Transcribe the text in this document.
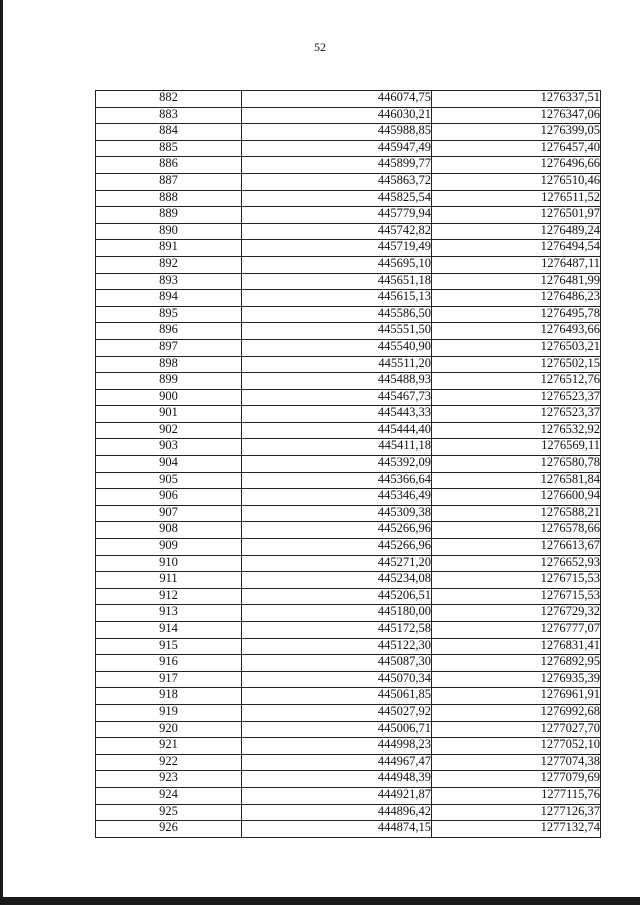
52
882	446074,75	1276337,51
883	446030,21	1276347,06
884	445988,85	1276399,05
885	445947,49	1276457,40
886	445899,77	1276496,66
887	445863,72	1276510,46
888	445825,54	1276511,52
889	445779,94	1276501,97
890	445742,82	1276489,24
891	445719,49	1276494,54
892	445695,10	1276487,11
893	445651,18	1276481,99
894	445615,13	1276486,23
895	445586,50	1276495,78
896	445551,50	1276493,66
897	445540,90	1276503,21
898	445511,20	1276502,15
899	445488,93	1276512,76
900	445467,73	1276523,37
901	445443,33	1276523,37
902	445444,40	1276532,92
903	445411,18	1276569,11
904	445392,09	1276580,78
905	445366,64	1276581,84
906	445346,49	1276600,94
907	445309,38	1276588,21
908	445266,96	1276578,66
909	445266,96	1276613,67
910	445271,20	1276652,93
911	445234,08	1276715,53
912	445206,51	1276715,53
913	445180,00	1276729,32
914	445172,58	1276777,07
915	445122,30	1276831,41
916	445087,30	1276892,95
917	445070,34	1276935,39
918	445061,85	1276961,91
919	445027,92	1276992,68
920	445006,71	1277027,70
921	444998,23	1277052,10
922	444967,47	1277074,38
923	444948,39	1277079,69
924	444921,87	1277115,76
925	444896,42	1277126,37
926	444874,15	1277132,74
